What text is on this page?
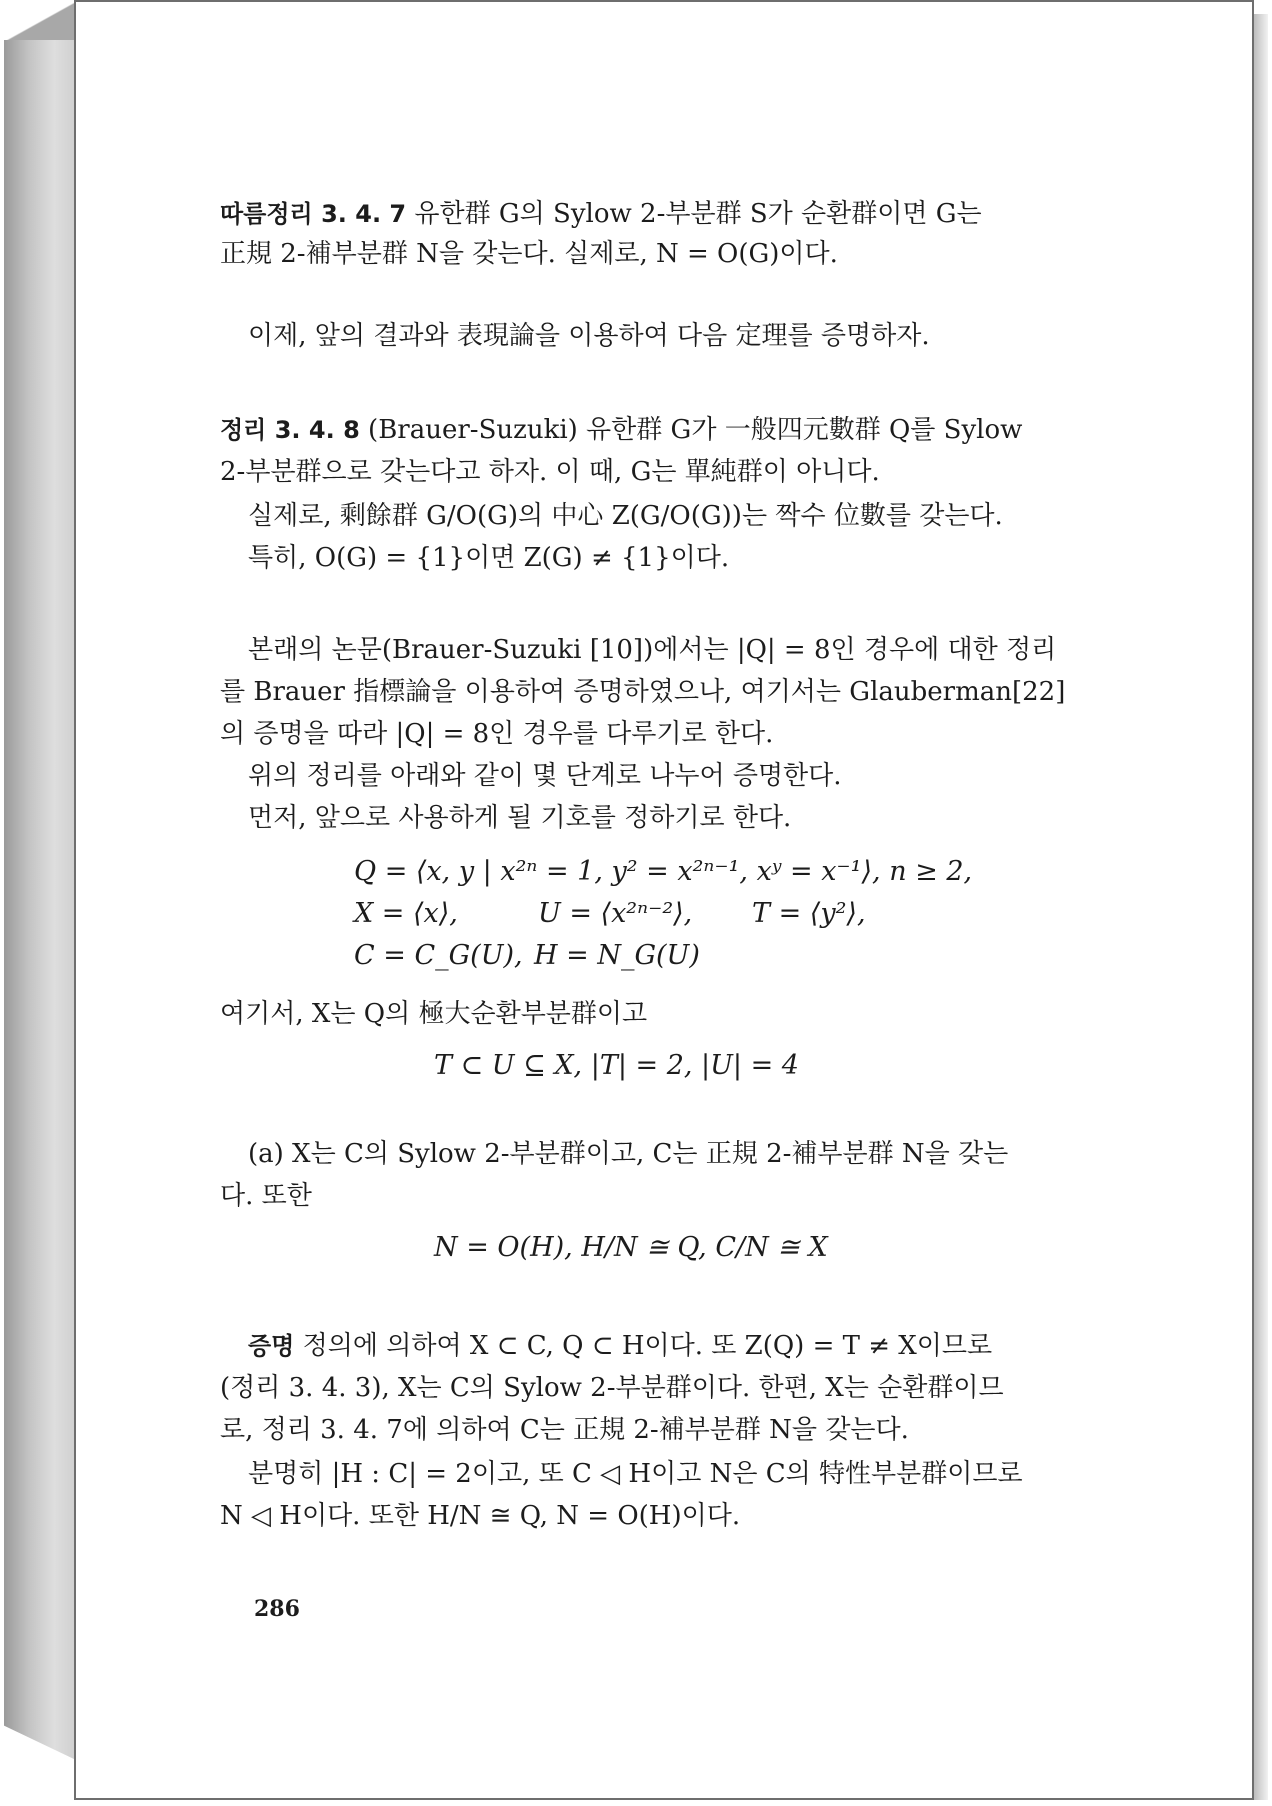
따름정리 3. 4. 7 유한群 G의 Sylow 2-부분群 S가 순환群이면 G는
正規 2-補부분群 N을 갖는다. 실제로, N = O(G)이다.
이제, 앞의 결과와 表現論을 이용하여 다음 定理를 증명하자.
정리 3. 4. 8 (Brauer-Suzuki) 유한群 G가 一般四元數群 Q를 Sylow
2-부분群으로 갖는다고 하자. 이 때, G는 單純群이 아니다.
실제로, 剩餘群 G/O(G)의 中心 Z(G/O(G))는 짝수 位數를 갖는다.
특히, O(G) = {1}이면 Z(G) ≠ {1}이다.
본래의 논문(Brauer-Suzuki [10])에서는 |Q| = 8인 경우에 대한 정리
를 Brauer 指標論을 이용하여 증명하였으나, 여기서는 Glauberman[22]
의 증명을 따라 |Q| = 8인 경우를 다루기로 한다.
위의 정리를 아래와 같이 몇 단계로 나누어 증명한다.
먼저, 앞으로 사용하게 될 기호를 정하기로 한다.
Q = ⟨x, y | x²ⁿ = 1, y² = x²ⁿ⁻¹, xʸ = x⁻¹⟩, n ≥ 2,
X = ⟨x⟩,	U = ⟨x²ⁿ⁻²⟩, T = ⟨y²⟩,
C = C_G(U), H = N_G(U)
여기서, X는 Q의 極大순환부분群이고
T ⊂ U ⊆ X, |T| = 2, |U| = 4
(a) X는 C의 Sylow 2-부분群이고, C는 正規 2-補부분群 N을 갖는
다. 또한
N = O(H), H/N ≅ Q, C/N ≅ X
증명 정의에 의하여 X ⊂ C, Q ⊂ H이다. 또 Z(Q) = T ≠ X이므로
(정리 3. 4. 3), X는 C의 Sylow 2-부분群이다. 한편, X는 순환群이므
로, 정리 3. 4. 7에 의하여 C는 正規 2-補부분群 N을 갖는다.
분명히 |H : C| = 2이고, 또 C ◁ H이고 N은 C의 特性부분群이므로
N ◁ H이다. 또한 H/N ≅ Q, N = O(H)이다.
286
